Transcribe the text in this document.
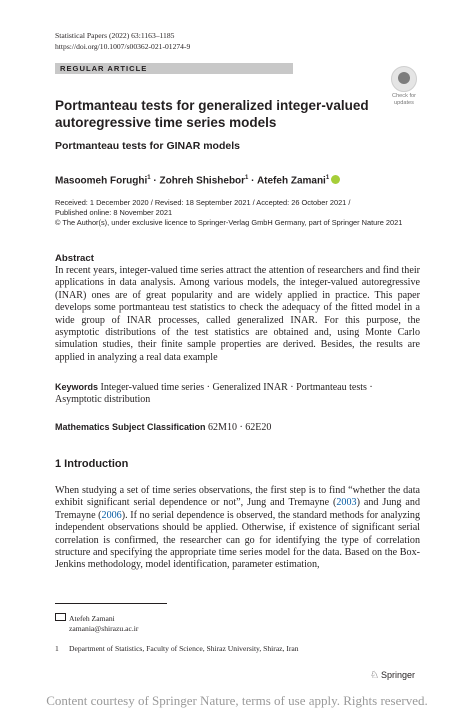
Statistical Papers (2022) 63:1163–1185
https://doi.org/10.1007/s00362-021-01274-9
REGULAR ARTICLE
Check for
updates
Portmanteau tests for generalized integer-valued autoregressive time series models
Portmanteau tests for GINAR models
Masoomeh Forughi$^1$ · Zohreh Shishebor$^1$ · Atefeh Zamani$^1$
Received: 1 December 2020 / Revised: 18 September 2021 / Accepted: 26 October 2021 /
Published online: 8 November 2021
© The Author(s), under exclusive licence to Springer-Verlag GmbH Germany, part of Springer Nature 2021
Abstract
In recent years, integer-valued time series attract the attention of researchers and find their applications in data analysis. Among various models, the integer-valued autoregressive (INAR) ones are of great popularity and are widely applied in practice. This paper develops some portmanteau test statistics to check the adequacy of the fitted model in a wide group of INAR processes, called generalized INAR. For this purpose, the asymptotic distributions of the test statistics are obtained and, using Monte Carlo simulation studies, their finite sample properties are derived. Besides, the results are applied in analyzing a real data example
Keywords Integer-valued time series · Generalized INAR · Portmanteau tests · Asymptotic distribution
Mathematics Subject Classification 62M10 · 62E20
1 Introduction
When studying a set of time series observations, the first step is to find “whether the data exhibit significant serial dependence or not”, Jung and Tremayne (2003) and Jung and Tremayne (2006). If no serial dependence is observed, the standard methods for analyzing independent observations should be applied. Otherwise, if existence of significant serial correlation is confirmed, the researcher can go for identifying the type of correlation structure and specifying the appropriate time series model for the data. Based on the Box-Jenkins methodology, model identification, parameter estimation,
Atefeh Zamani
zamania@shirazu.ac.ir
1 Department of Statistics, Faculty of Science, Shiraz University, Shiraz, Iran
♘ Springer
Content courtesy of Springer Nature, terms of use apply. Rights reserved.
